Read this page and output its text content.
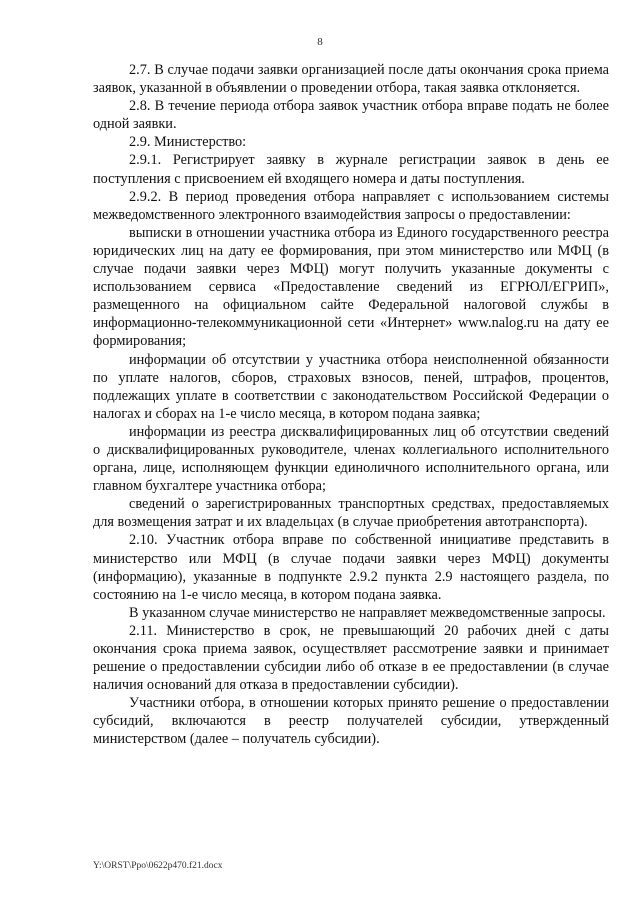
8

2.7. В случае подачи заявки организацией после даты окончания срока приема заявок, указанной в объявлении о проведении отбора, такая заявка отклоняется.

2.8. В течение периода отбора заявок участник отбора вправе подать не более одной заявки.

2.9. Министерство:

2.9.1. Регистрирует заявку в журнале регистрации заявок в день ее поступления с присвоением ей входящего номера и даты поступления.

2.9.2. В период проведения отбора направляет с использованием системы межведомственного электронного взаимодействия запросы о предоставлении:

выписки в отношении участника отбора из Единого государственного реестра юридических лиц на дату ее формирования, при этом министерство или МФЦ (в случае подачи заявки через МФЦ) могут получить указанные документы с использованием сервиса «Предоставление сведений из ЕГРЮЛ/ЕГРИП», размещенного на официальном сайте Федеральной налоговой службы в информационно-телекоммуникационной сети «Интернет» www.nalog.ru на дату ее формирования;

информации об отсутствии у участника отбора неисполненной обязанности по уплате налогов, сборов, страховых взносов, пеней, штрафов, процентов, подлежащих уплате в соответствии с законодательством Российской Федерации о налогах и сборах на 1-е число месяца, в котором подана заявка;

информации из реестра дисквалифицированных лиц об отсутствии сведений о дисквалифицированных руководителе, членах коллегиального исполнительного органа, лице, исполняющем функции единоличного исполнительного органа, или главном бухгалтере участника отбора;

сведений о зарегистрированных транспортных средствах, предоставляемых для возмещения затрат и их владельцах (в случае приобретения автотранспорта).

2.10. Участник отбора вправе по собственной инициативе представить в министерство или МФЦ (в случае подачи заявки через МФЦ) документы (информацию), указанные в подпункте 2.9.2 пункта 2.9 настоящего раздела, по состоянию на 1-е число месяца, в котором подана заявка.

В указанном случае министерство не направляет межведомственные запросы.

2.11. Министерство в срок, не превышающий 20 рабочих дней с даты окончания срока приема заявок, осуществляет рассмотрение заявки и принимает решение о предоставлении субсидии либо об отказе в ее предоставлении (в случае наличия оснований для отказа в предоставлении субсидии).

Участники отбора, в отношении которых принято решение о предоставлении субсидий, включаются в реестр получателей субсидии, утвержденный министерством (далее – получатель субсидии).

Y:\ORST\Ppo\0622p470.f21.docx
